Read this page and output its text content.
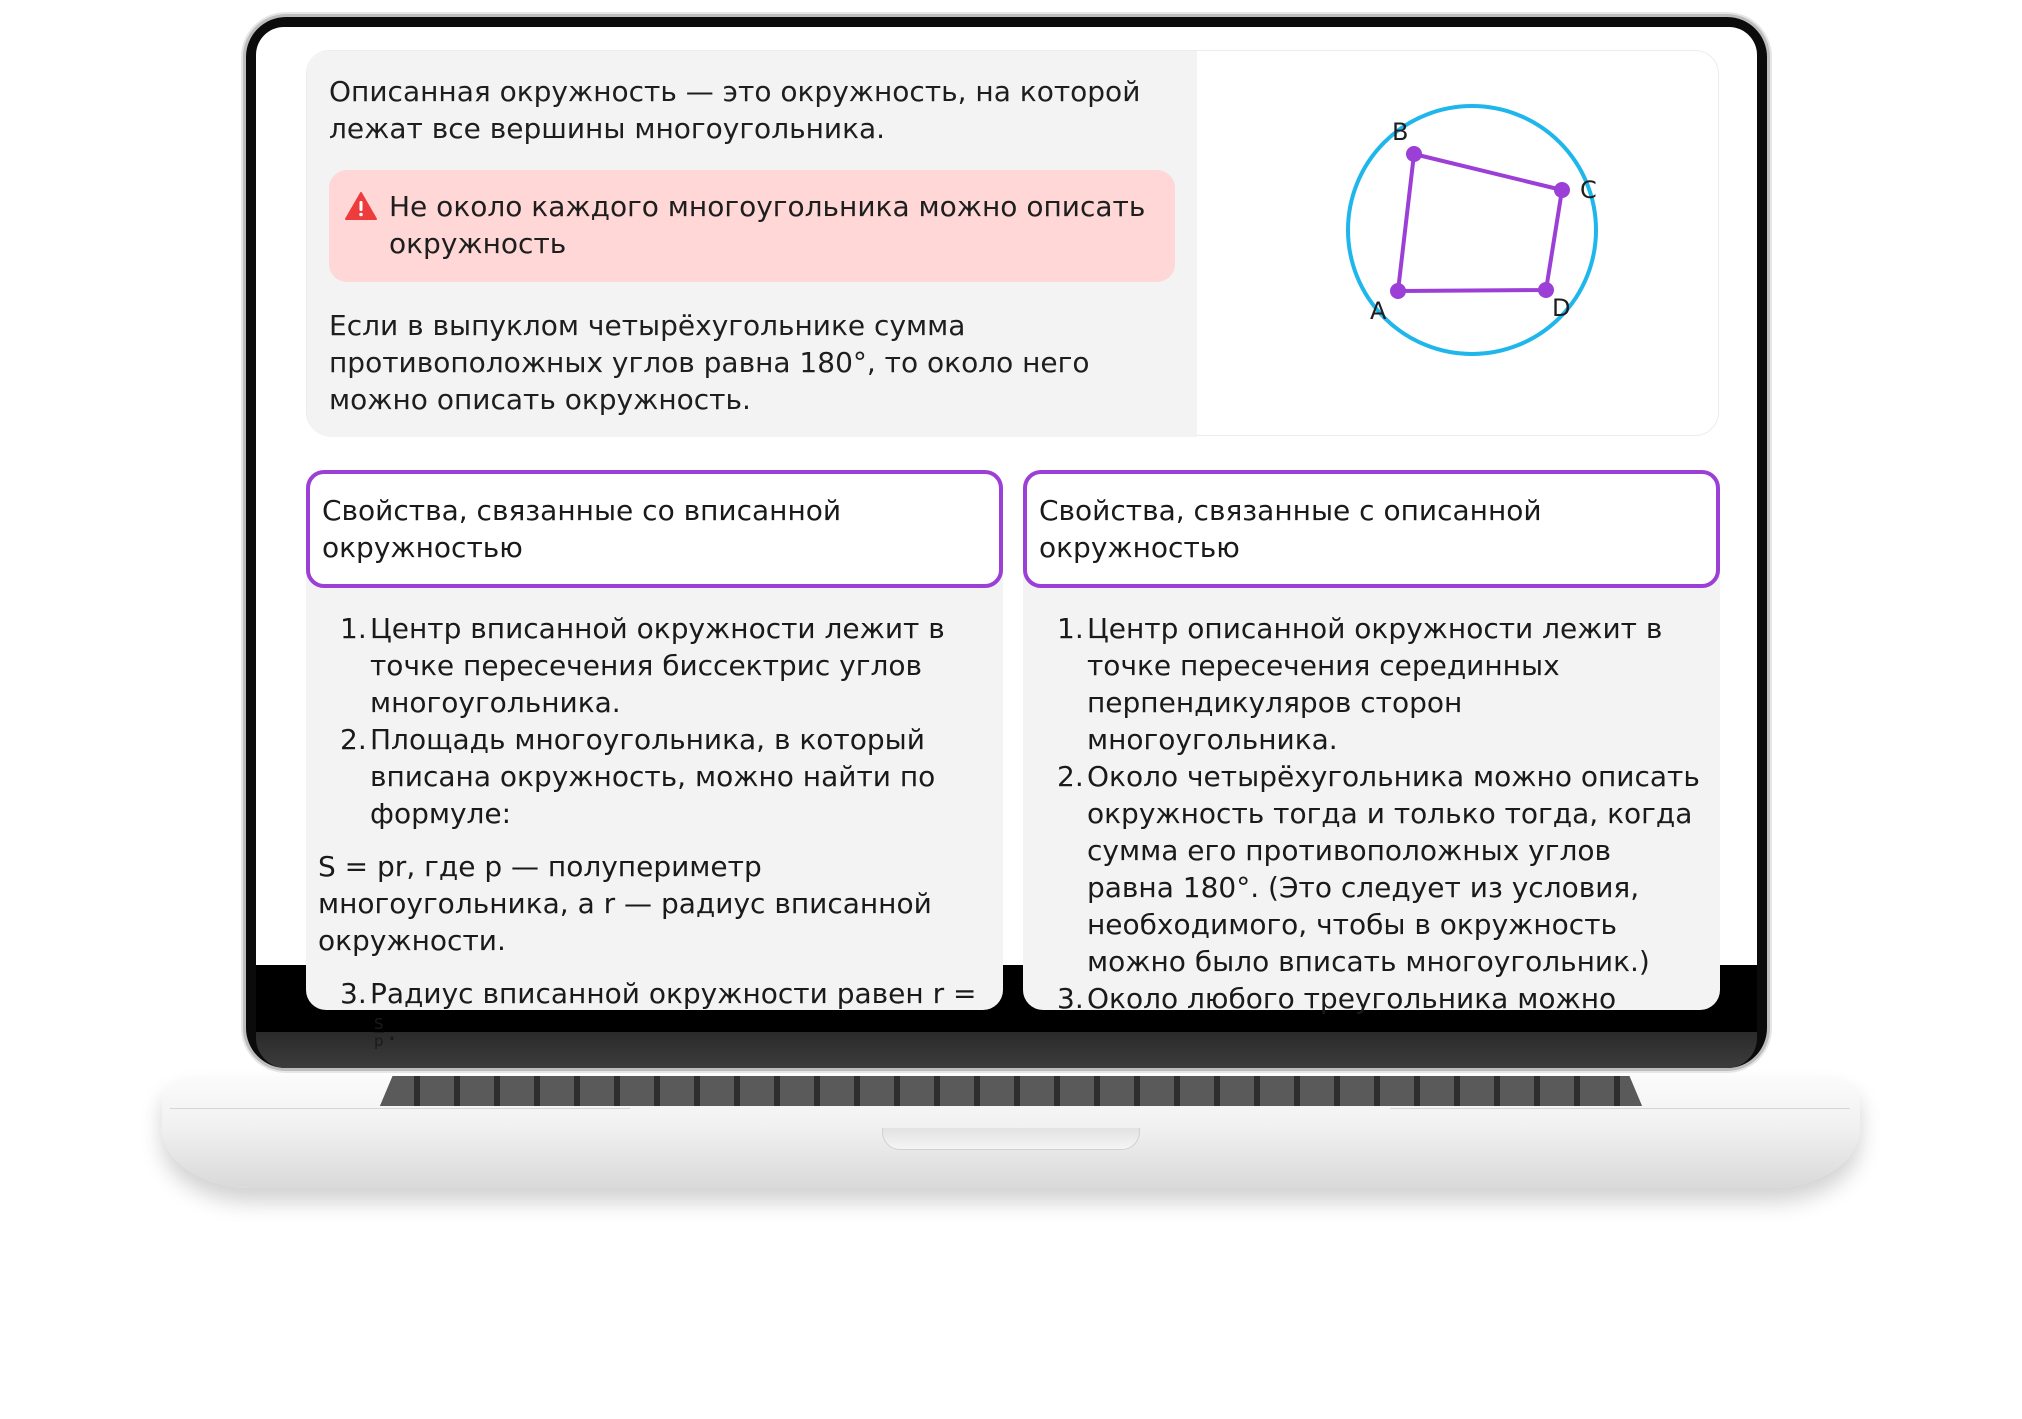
Описанная окружность — это окружность, на которой лежат все вершины многоугольника.
Не около каждого многоугольника можно описать окружность
Если в выпуклом четырёхугольнике сумма противоположных углов равна 180°, то около него можно описать окружность.
A
B
C
D
Свойства, связанные со вписанной окружностью
1. Центр вписанной окружности лежит в точке пересечения биссектрис углов многоугольника.
2. Площадь многоугольника, в который вписана окружность, можно найти по формуле:
S = pr, где p — полупериметр многоугольника, а r — радиус вписанной окружности.
3. Радиус вписанной окружности равен r =
$\frac{S}{p}$ .
Свойства, связанные с описанной окружностью
1. Центр описанной окружности лежит в точке пересечения серединных перпендикуляров сторон многоугольника.
2. Около четырёхугольника можно описать окружность тогда и только тогда, когда сумма его противоположных углов равна 180°. (Это следует из условия, необходимого, чтобы в окружность можно было вписать многоугольник.)
3. Около любого треугольника можно
